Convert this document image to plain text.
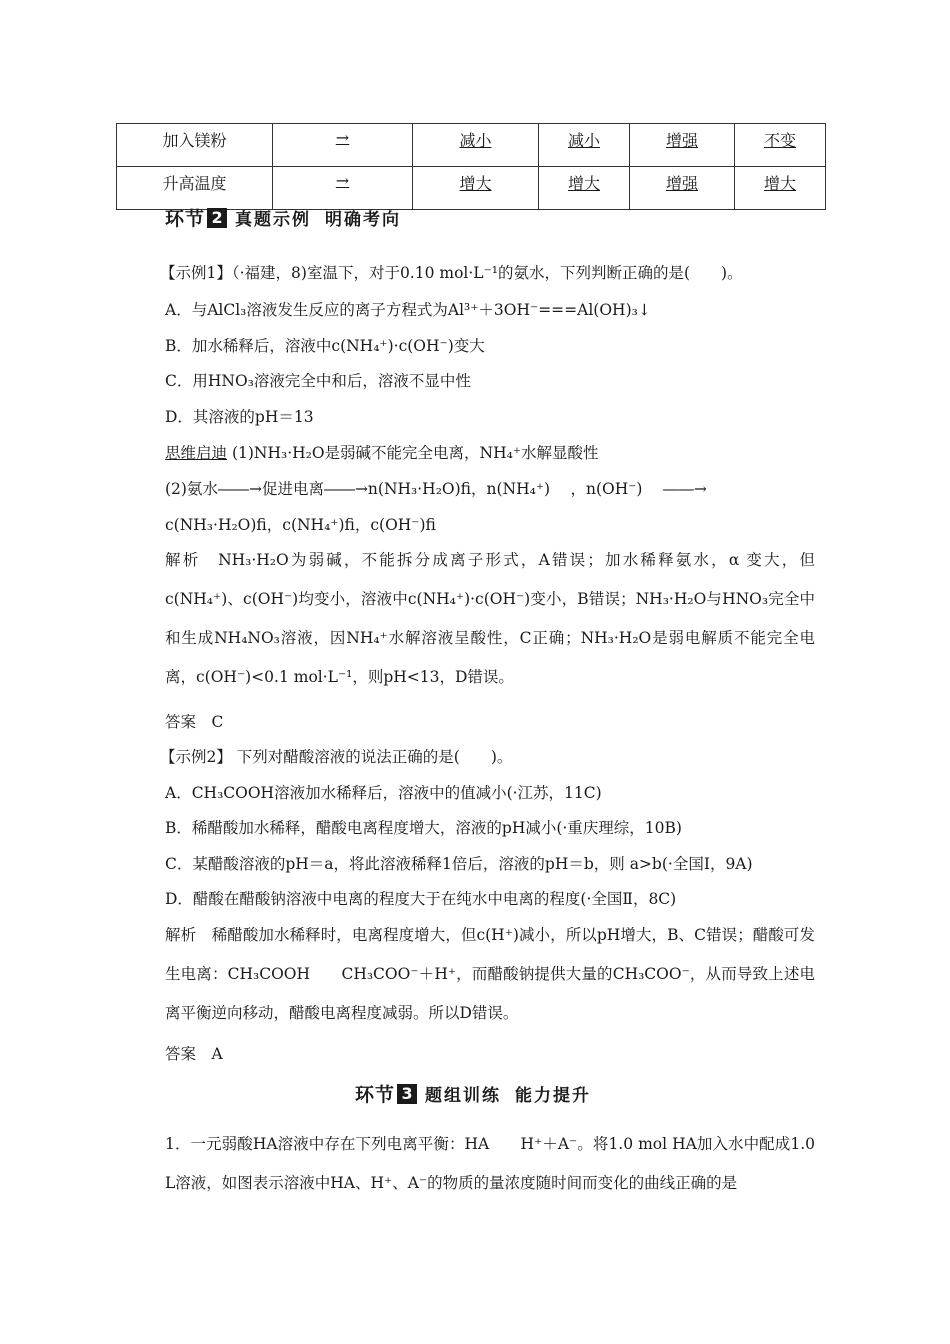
加入镁粉	→	减小	减小	增强	不变
升高温度	→	增大	增大	增强	增大
环节 2 真题示例 明确考向
【示例1】（·福建，8)室温下，对于0.10 mol·L⁻¹的氨水，下列判断正确的是(　　)。
A．与AlCl₃溶液发生反应的离子方程式为Al³⁺＋3OH⁻===Al(OH)₃↓
B．加水稀释后，溶液中c(NH₄⁺)·c(OH⁻)变大
C．用HNO₃溶液完全中和后，溶液不显中性
D．其溶液的pH＝13
思维启迪 (1)NH₃·H₂O是弱碱不能完全电离，NH₄⁺水解显酸性
(2)氨水――→促进电离――→n(NH₃·H₂O)ﬁ，n(NH₄⁺)　 ，n(OH⁻)　 ――→
c(NH₃·H₂O)ﬁ，c(NH₄⁺)ﬁ，c(OH⁻)ﬁ
解析　NH₃·H₂O为弱碱，不能拆分成离子形式，A错误；加水稀释氨水，α 变大，但c(NH₄⁺)、c(OH⁻)均变小，溶液中c(NH₄⁺)·c(OH⁻)变小，B错误；NH₃·H₂O与HNO₃完全中和生成NH₄NO₃溶液，因NH₄⁺水解溶液呈酸性，C正确；NH₃·H₂O是弱电解质不能完全电离，c(OH⁻)<0.1 mol·L⁻¹，则pH<13，D错误。
答案　C
【示例2】 下列对醋酸溶液的说法正确的是(　　)。
A．CH₃COOH溶液加水稀释后，溶液中的值减小(·江苏，11C)
B．稀醋酸加水稀释，醋酸电离程度增大，溶液的pH减小(·重庆理综，10B)
C．某醋酸溶液的pH＝a，将此溶液稀释1倍后，溶液的pH＝b，则 a>b(·全国Ⅰ，9A)
D．醋酸在醋酸钠溶液中电离的程度大于在纯水中电离的程度(·全国Ⅱ，8C)
解析　稀醋酸加水稀释时，电离程度增大，但c(H⁺)减小，所以pH增大，B、C错误；醋酸可发生电离：CH₃COOH　　CH₃COO⁻＋H⁺，而醋酸钠提供大量的CH₃COO⁻，从而导致上述电离平衡逆向移动，醋酸电离程度减弱。所以D错误。
答案　A
环节 3 题组训练 能力提升
1．一元弱酸HA溶液中存在下列电离平衡：HA　　H⁺＋A⁻。将1.0 mol HA加入水中配成1.0 L溶液，如图表示溶液中HA、H⁺、A⁻的物质的量浓度随时间而变化的曲线正确的是
